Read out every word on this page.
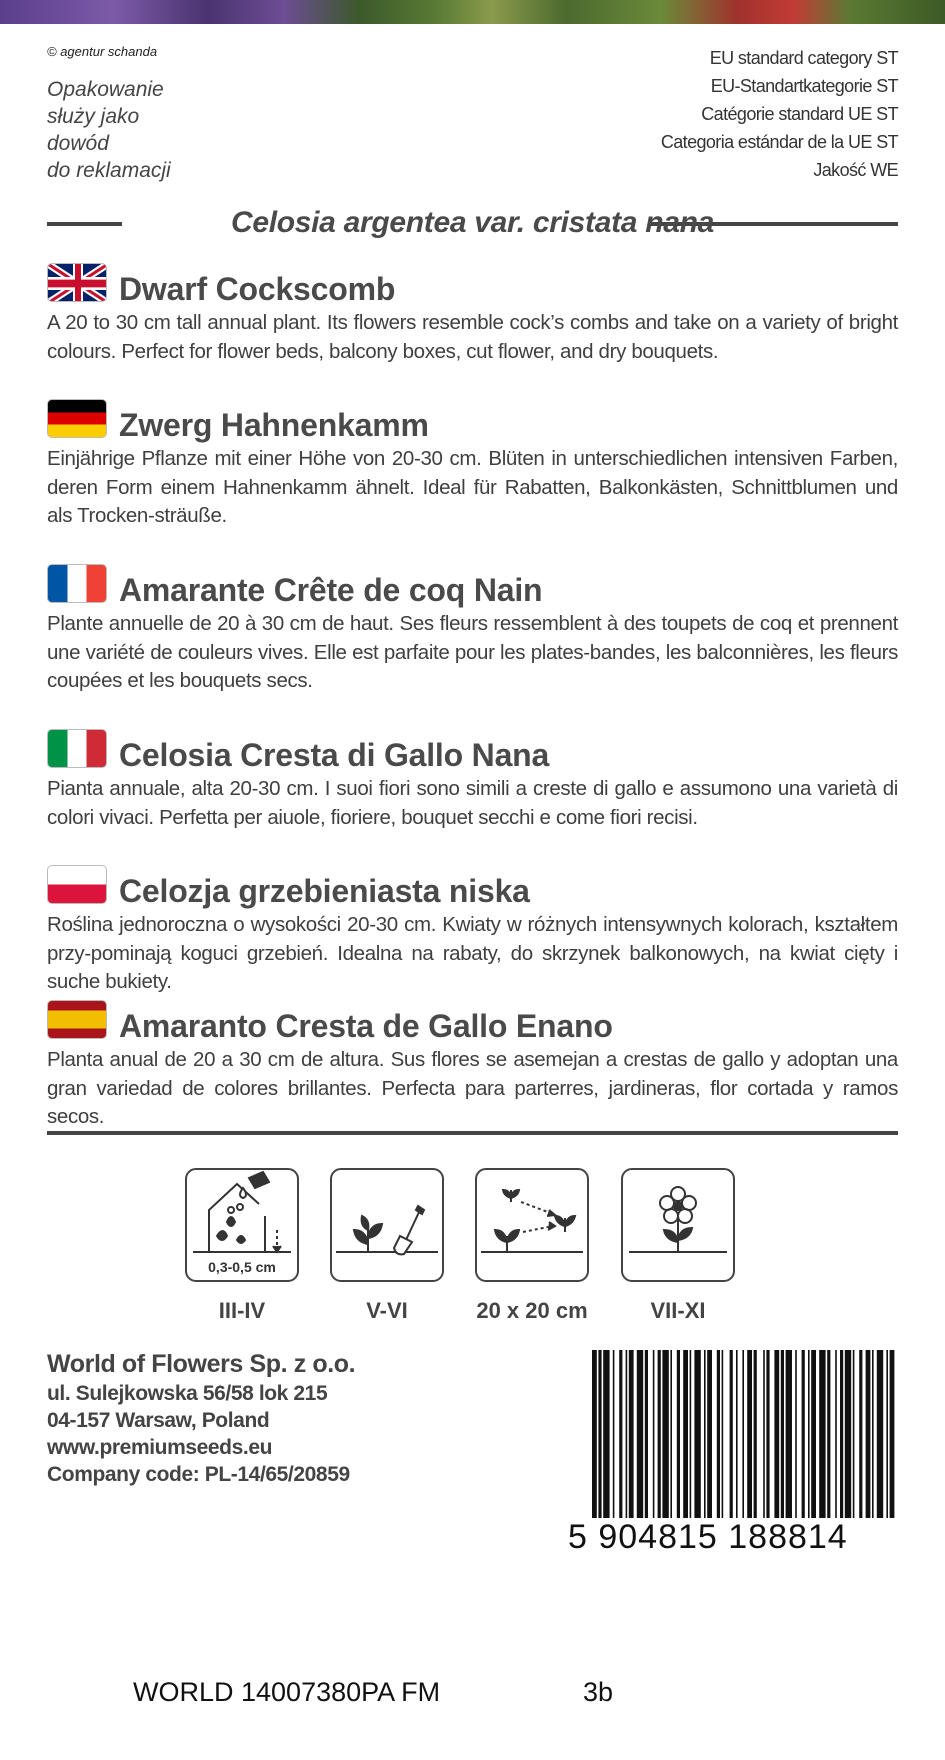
© agentur schanda
Opakowanie
służy jako
dowód
do reklamacji
EU standard category ST
EU-Standartkategorie ST
Catégorie standard UE ST
Categoria estándar de la UE ST
Jakość WE
Celosia argentea var. cristata nana
Dwarf Cockscomb

A 20 to 30 cm tall annual plant. Its flowers resemble cock’s combs and take on a variety of bright colours. Perfect for flower beds, balcony boxes, cut flower, and dry bouquets.

Zwerg Hahnenkamm

Einjährige Pflanze mit einer Höhe von 20-30 cm. Blüten in unterschiedlichen intensiven Farben, deren Form einem Hahnenkamm ähnelt. Ideal für Rabatten, Balkonkästen, Schnittblumen und als Trocken-sträuße.

Amarante Crête de coq Nain

Plante annuelle de 20 à 30 cm de haut. Ses fleurs ressemblent à des toupets de coq et prennent une variété de couleurs vives. Elle est parfaite pour les plates-bandes, les balconnières, les fleurs coupées et les bouquets secs.

Celosia Cresta di Gallo Nana

Pianta annuale, alta 20-30 cm. I suoi fiori sono simili a creste di gallo e assumono una varietà di colori vivaci. Perfetta per aiuole, fioriere, bouquet secchi e come fiori recisi.

Celozja grzebieniasta niska

Roślina jednoroczna o wysokości 20-30 cm. Kwiaty w różnych intensywnych kolorach, kształtem przy-pominają koguci grzebień. Idealna na rabaty, do skrzynek balkonowych, na kwiat cięty i suche bukiety.

Amaranto Cresta de Gallo Enano

Planta anual de 20 a 30 cm de altura. Sus flores se asemejan a crestas de gallo y adoptan una gran variedad de colores brillantes. Perfecta para parterres, jardineras, flor cortada y ramos secos.

0,3-0,5 cm
III-IV	V-VI	20 x 20 cm	VII-XI
World of Flowers Sp. z o.o.
ul. Sulejkowska 56/58 lok 215
04-157 Warsaw, Poland
www.premiumseeds.eu
Company code: PL-14/65/20859
5 904815 188814
WORLD 14007380PA FM	3b
